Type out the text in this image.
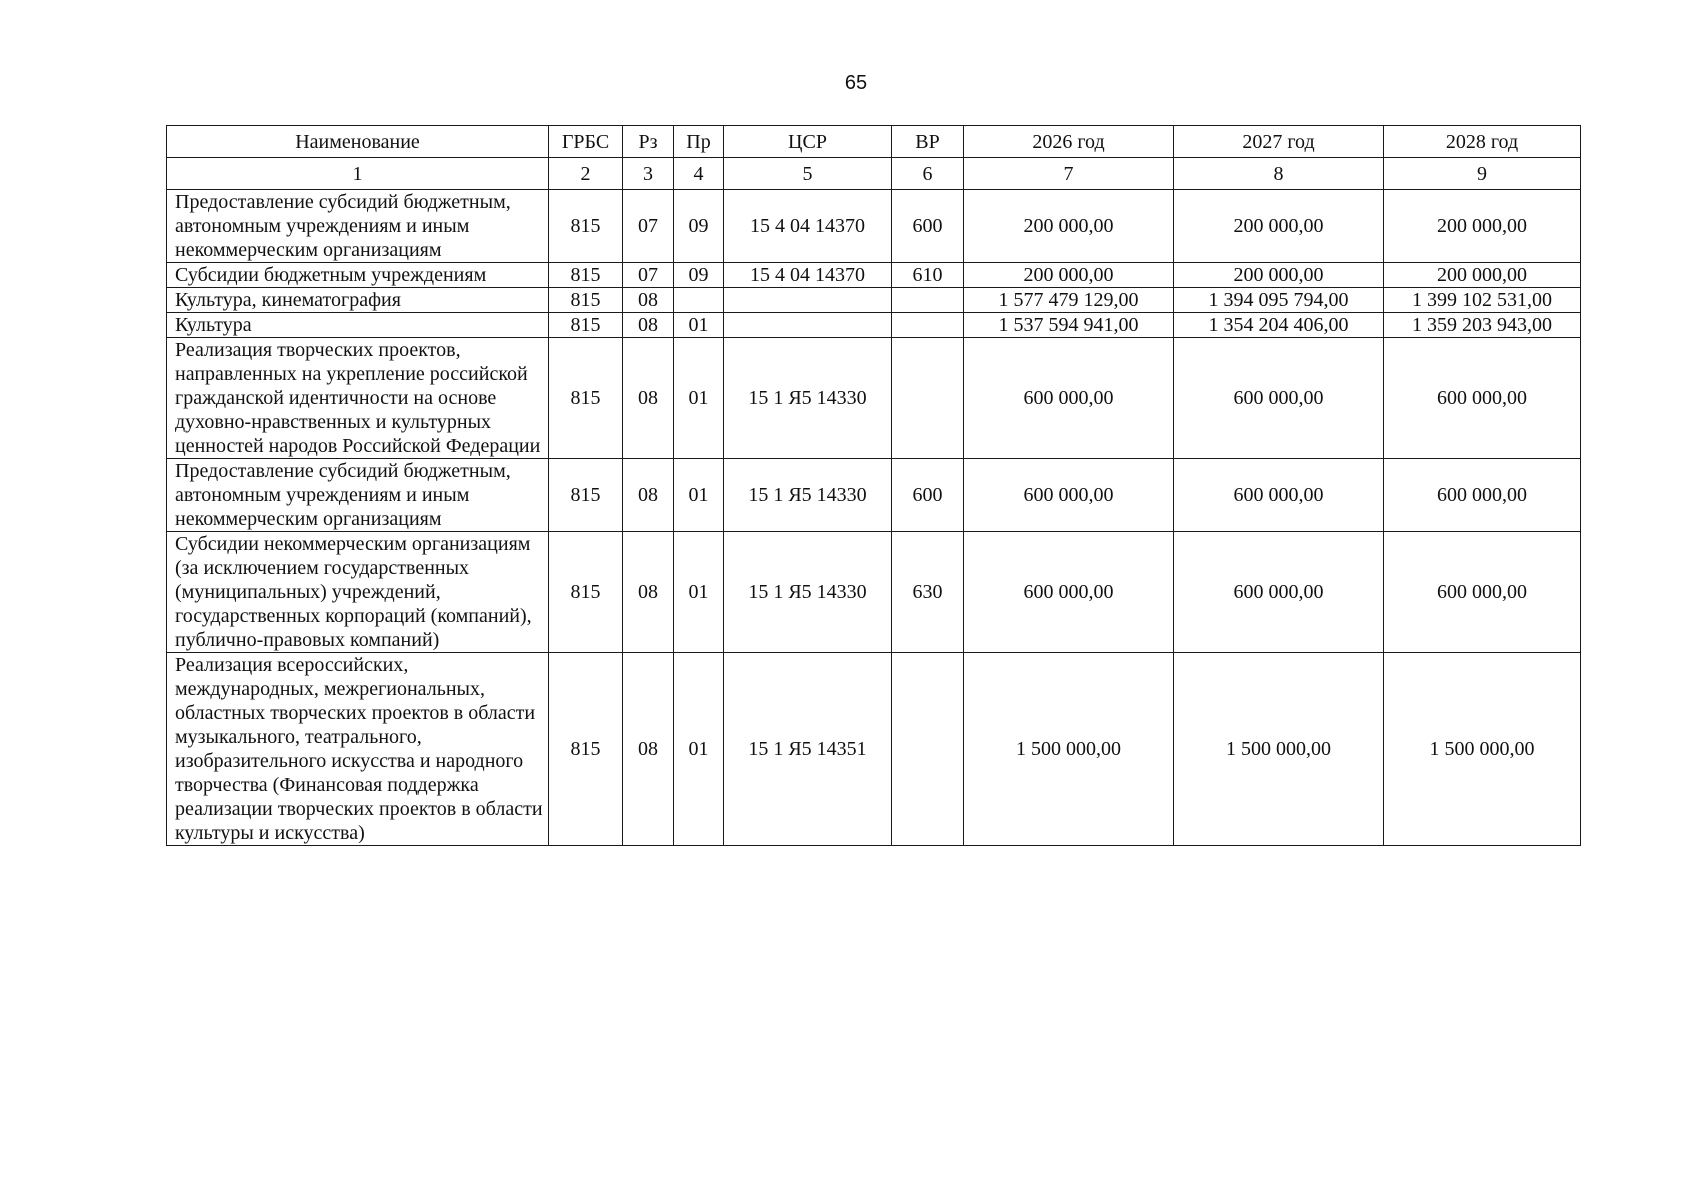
65
Наименование	ГРБС	Рз	Пр	ЦСР	ВР	2026 год	2027 год	2028 год
1	2	3	4	5	6	7	8	9
Предоставление субсидий бюджетным, автономным учреждениям и иным некоммерческим организациям	815	07	09	15 4 04 14370	600	200 000,00	200 000,00	200 000,00
Субсидии бюджетным учреждениям	815	07	09	15 4 04 14370	610	200 000,00	200 000,00	200 000,00
Культура, кинематография	815	08				1 577 479 129,00	1 394 095 794,00	1 399 102 531,00
Культура	815	08	01			1 537 594 941,00	1 354 204 406,00	1 359 203 943,00
Реализация творческих проектов, направленных на укрепление российской гражданской идентичности на основе духовно-нравственных и культурных ценностей народов Российской Федерации	815	08	01	15 1 Я5 14330		600 000,00	600 000,00	600 000,00
Предоставление субсидий бюджетным, автономным учреждениям и иным некоммерческим организациям	815	08	01	15 1 Я5 14330	600	600 000,00	600 000,00	600 000,00
Субсидии некоммерческим организациям (за исключением государственных (муниципальных) учреждений, государственных корпораций (компаний), публично-правовых компаний)	815	08	01	15 1 Я5 14330	630	600 000,00	600 000,00	600 000,00
Реализация всероссийских, международных, межрегиональных, областных творческих проектов в области музыкального, театрального, изобразительного искусства и народного творчества (Финансовая поддержка реализации творческих проектов в области культуры и искусства)	815	08	01	15 1 Я5 14351		1 500 000,00	1 500 000,00	1 500 000,00
